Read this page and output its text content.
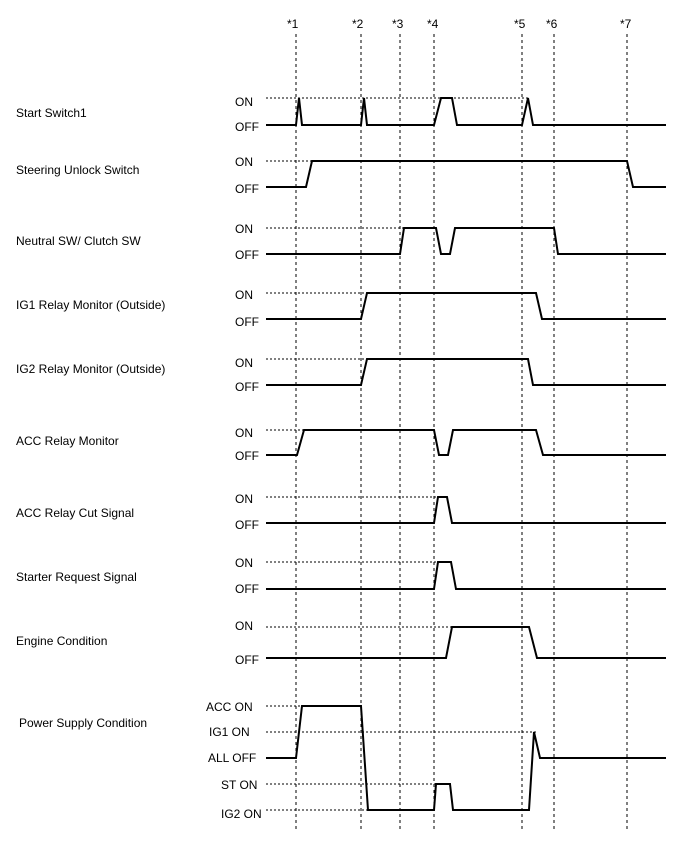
*1	*2 *3 *4	*5 *6	*7
Start Switch1
Steering Unlock Switch
Neutral SW/ Clutch SW
IG1 Relay Monitor (Outside)
IG2 Relay Monitor (Outside)
ACC Relay Monitor
ACC Relay Cut Signal
Starter Request Signal
Engine Condition
Power Supply Condition
ON
OFF
ON
OFF
ON
OFF
ON
OFF
ON
OFF
ON
OFF
ON
OFF
ON
OFF
ON
OFF
ACC ON
IG1 ON
ALL OFF
ST ON
IG2 ON
